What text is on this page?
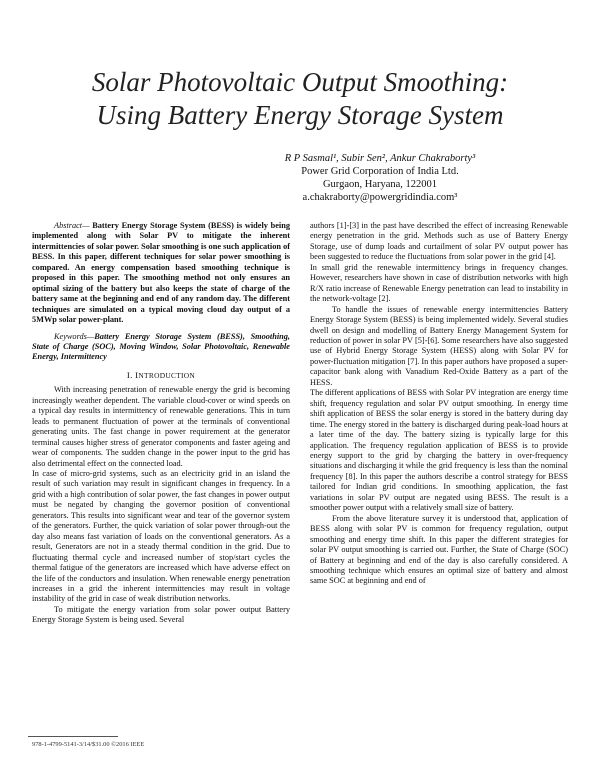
Solar Photovoltaic Output Smoothing:
Using Battery Energy Storage System
R P Sasmal¹, Subir Sen², Ankur Chakraborty³
Power Grid Corporation of India Ltd.
Gurgaon, Haryana, 122001
a.chakraborty@powergridindia.com³

Abstract— Battery Energy Storage System (BESS) is widely being implemented along with Solar PV to mitigate the inherent intermittencies of solar power. Solar smoothing is one such application of BESS. In this paper, different techniques for solar power smoothing is compared. An energy compensation based smoothing technique is proposed in this paper. The smoothing method not only ensures an optimal sizing of the battery but also keeps the state of charge of the battery same at the beginning and end of any random day. The different techniques are simulated on a typical moving cloud day output of a 5MWp solar power-plant.

Keywords—Battery Energy Storage System (BESS), Smoothing, State of Charge (SOC), Moving Window, Solar Photovoltaic, Renewable Energy, Intermittency

I. INTRODUCTION

With increasing penetration of renewable energy the grid is becoming increasingly weather dependent. The variable cloud-cover or wind speeds on a typical day results in intermittency of renewable generations. This in turn leads to permanent fluctuation of power at the terminals of conventional generating units. The fast change in power requirement at the generator terminal causes higher stress of generator components and faster ageing and wear of components. The sudden change in the power input to the grid has also detrimental effect on the connected load.

In case of micro-grid systems, such as an electricity grid in an island the result of such variation may result in significant changes in frequency. In a grid with a high contribution of solar power, the fast changes in power output must be negated by changing the governor position of conventional generators. This results into significant wear and tear of the governor system of the generators. Further, the quick variation of solar power through-out the day also means fast variation of loads on the conventional generators. As a result, Generators are not in a steady thermal condition in the grid. Due to fluctuating thermal cycle and increased number of stop/start cycles the thermal fatigue of the generators are increased which have adverse effect on the life of the conductors and insulation. When renewable energy penetration increases in a grid the inherent intermittencies may result in voltage instability of the grid in case of weak distribution networks.

To mitigate the energy variation from solar power output Battery Energy Storage System is being used. Several

authors [1]-[3] in the past have described the effect of increasing Renewable energy penetration in the grid. Methods such as use of Battery Energy Storage, use of dump loads and curtailment of solar PV output power has been suggested to reduce the fluctuations from solar power in the grid [4].

In small grid the renewable intermittency brings in frequency changes. However, researchers have shown in case of distribution networks with high R/X ratio increase of Renewable Energy penetration can lead to instability in the network-voltage [2].

To handle the issues of renewable energy intermittencies Battery Energy Storage System (BESS) is being implemented widely. Several studies dwell on design and modelling of Battery Energy Management System for reduction of power in solar PV [5]-[6]. Some researchers have also suggested use of Hybrid Energy Storage System (HESS) along with Solar PV for power-fluctuation mitigation [7]. In this paper authors have proposed a super-capacitor bank along with Vanadium Red-Oxide Battery as a part of the HESS.

The different applications of BESS with Solar PV integration are energy time shift, frequency regulation and solar PV output smoothing. In energy time shift application of BESS the solar energy is stored in the battery during day time. The energy stored in the battery is discharged during peak-load hours at a later time of the day. The battery sizing is typically large for this application. The frequency regulation application of BESS is to provide energy support to the grid by charging the battery in over-frequency situations and discharging it while the grid frequency is less than the nominal frequency [8]. In this paper the authors describe a control strategy for BESS tailored for Indian grid conditions. In smoothing application, the fast variations in solar PV output are negated using BESS. The result is a smoother power output with a relatively small size of battery.

From the above literature survey it is understood that, application of BESS along with solar PV is common for frequency regulation, output smoothing and energy time shift. In this paper the different strategies for solar PV output smoothing is carried out. Further, the State of Charge (SOC) of Battery at beginning and end of the day is also carefully considered. A smoothing technique which ensures an optimal size of battery and almost same SOC at beginning and end of

978-1-4799-5141-3/14/$31.00 ©2016 IEEE
